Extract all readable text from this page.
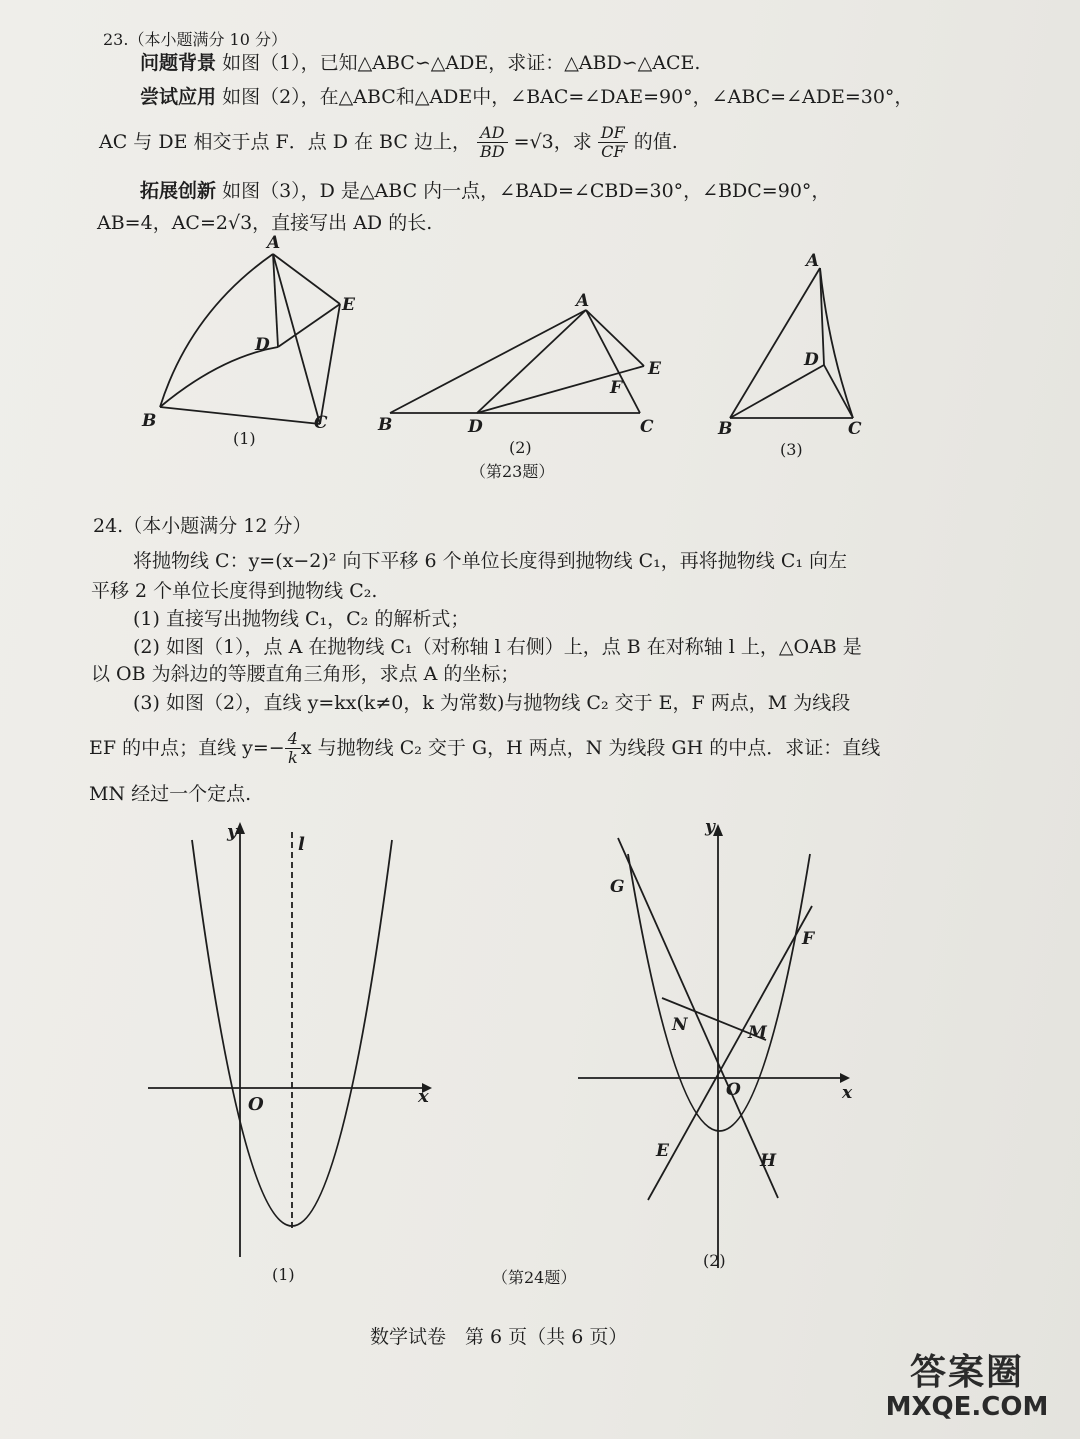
23.（本小题满分 10 分）
问题背景 如图（1），已知△ABC∽△ADE，求证：△ABD∽△ACE.
尝试应用 如图（2），在△ABC和△ADE中，∠BAC=∠DAE=90°，∠ABC=∠ADE=30°，
AC 与 DE 相交于点 F．点 D 在 BC 边上， $\frac{AD}{BD} =√3$，求 $\frac{DF}{CF}$ 的值.
拓展创新 如图（3），D 是△ABC 内一点，∠BAD=∠CBD=30°，∠BDC=90°，
AB=4，AC=2√3，直接写出 AD 的长.
A
B	C
D
E
(1)
A
B	D	C
E
F
(2)
A
D
B	C
(3)
（第23题）
24.（本小题满分 12 分）
将抛物线 C：y=(x−2)² 向下平移 6 个单位长度得到抛物线 C₁，再将抛物线 C₁ 向左
平移 2 个单位长度得到抛物线 C₂.
(1) 直接写出抛物线 C₁，C₂ 的解析式；
(2) 如图（1），点 A 在抛物线 C₁（对称轴 l 右侧）上，点 B 在对称轴 l 上，△OAB 是
以 OB 为斜边的等腰直角三角形，求点 A 的坐标；
(3) 如图（2），直线 y=kx(k≠0，k 为常数)与抛物线 C₂ 交于 E，F 两点，M 为线段
EF 的中点；直线 $y=- \frac{4}{k}$ x 与抛物线 C₂ 交于 G，H 两点，N 为线段 GH 的中点．求证：直线
MN 经过一个定点.
y
l
x
O
(1)
y
x
O
G
F
N	M
E	H
(2)
（第24题）
数学试卷　第 6 页（共 6 页）
答案圈
MXQE.COM
